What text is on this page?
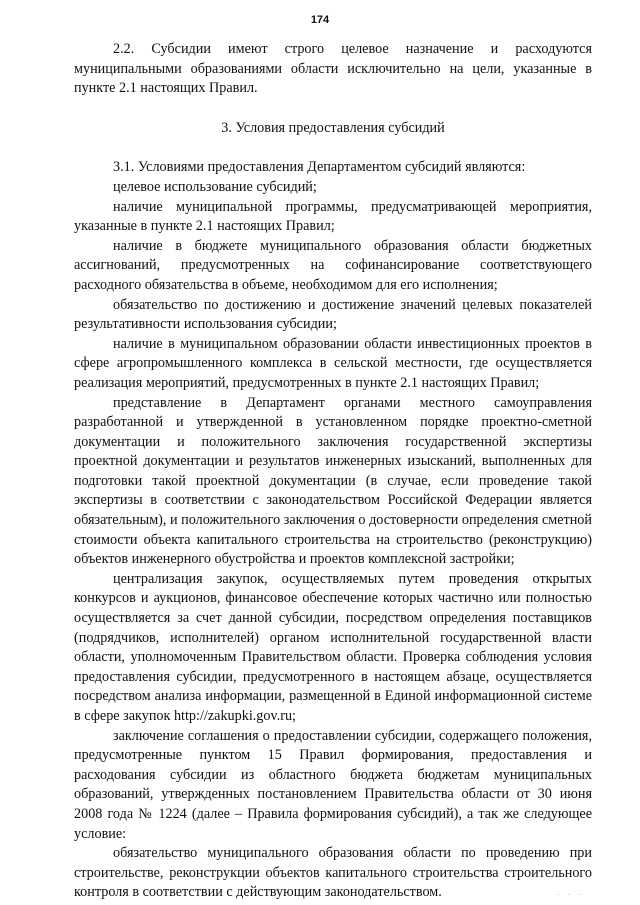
174

2.2. Субсидии имеют строго целевое назначение и расходуются муниципальными образованиями области исключительно на цели, указанные в пункте 2.1 настоящих Правил.

3. Условия предоставления субсидий

3.1. Условиями предоставления Департаментом субсидий являются:

целевое использование субсидий;

наличие муниципальной программы, предусматривающей мероприятия, указанные в пункте 2.1 настоящих Правил;

наличие в бюджете муниципального образования области бюджетных ассигнований, предусмотренных на софинансирование соответствующего расходного обязательства в объеме, необходимом для его исполнения;

обязательство по достижению и достижение значений целевых показателей результативности использования субсидии;

наличие в муниципальном образовании области инвестиционных проектов в сфере агропромышленного комплекса в сельской местности, где осуществляется реализация мероприятий, предусмотренных в пункте 2.1 настоящих Правил;

представление в Департамент органами местного самоуправления разработанной и утвержденной в установленном порядке проектно-сметной документации и положительного заключения государственной экспертизы проектной документации и результатов инженерных изысканий, выполненных для подготовки такой проектной документации (в случае, если проведение такой экспертизы в соответствии с законодательством Российской Федерации является обязательным), и положительного заключения о достоверности определения сметной стоимости объекта капитального строительства на строительство (реконструкцию) объектов инженерного обустройства и проектов комплексной застройки;

централизация закупок, осуществляемых путем проведения открытых конкурсов и аукционов, финансовое обеспечение которых частично или полностью осуществляется за счет данной субсидии, посредством определения поставщиков (подрядчиков, исполнителей) органом исполнительной государственной власти области, уполномоченным Правительством области. Проверка соблюдения условия предоставления субсидии, предусмотренного в настоящем абзаце, осуществляется посредством анализа информации, размещенной в Единой информационной системе в сфере закупок http://zakupki.gov.ru;

заключение соглашения о предоставлении субсидии, содержащего положения, предусмотренные пунктом 15 Правил формирования, предоставления и расходования субсидии из областного бюджета бюджетам муниципальных образований, утвержденных постановлением Правительства области от 30 июня 2008 года № 1224 (далее – Правила формирования субсидий), а так же следующее условие:

обязательство муниципального образования области по проведению при строительстве, реконструкции объектов капитального строительства строительного контроля в соответствии с действующим законодательством.	· · ·
